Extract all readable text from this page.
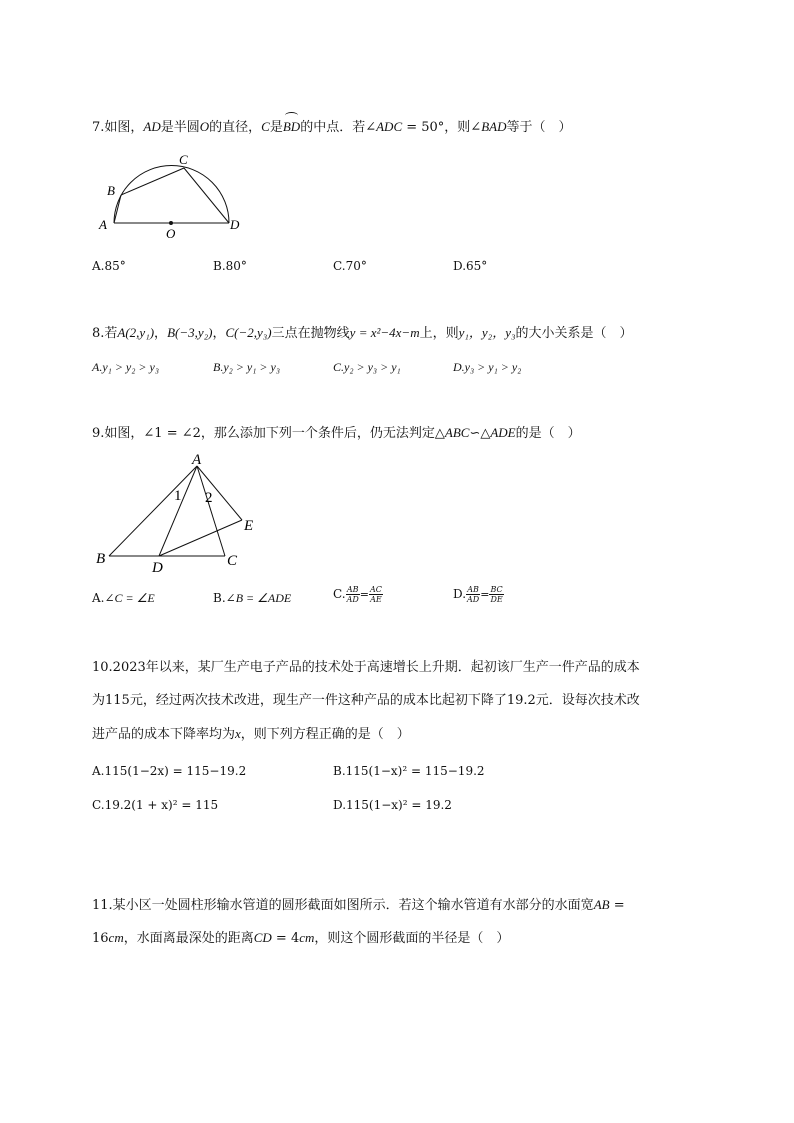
7.如图，AD是半圆O的直径，C是BD的中点．若∠ADC = 50°，则∠BAD等于（　）
A
B
C
D
O
A.85°	B.80°	C.70°	D.65°
8.若A(2,y₁)，B(−3,y₂)，C(−2,y₃)三点在抛物线y = x²−4x−m上，则y₁，y₂，y₃的大小关系是（　）
A.y₁ > y₂ > y₃	B.y₂ > y₁ > y₃	C.y₂ > y₃ > y₁	D.y₃ > y₁ > y₂
9.如图，∠1 = ∠2，那么添加下列一个条件后，仍无法判定△ABC∽△ADE的是（　）
A
B	C
D
E
1 2
A.∠C = ∠E	B.∠B = ∠ADE	C. $\frac{AB}{AD} = \frac{AC}{AE}$	D. $\frac{AB}{AD} = \frac{BC}{DE}$
10.2023年以来，某厂生产电子产品的技术处于高速增长上升期．起初该厂生产一件产品的成本
为115元，经过两次技术改进，现生产一件这种产品的成本比起初下降了19.2元．设每次技术改
进产品的成本下降率均为x，则下列方程正确的是（　）
A.115(1−2x) = 115−19.2	B.115(1−x)² = 115−19.2
C.19.2(1 + x)² = 115	D.115(1−x)² = 19.2
11.某小区一处圆柱形输水管道的圆形截面如图所示．若这个输水管道有水部分的水面宽AB =
16cm，水面离最深处的距离CD = 4cm，则这个圆形截面的半径是（　）
